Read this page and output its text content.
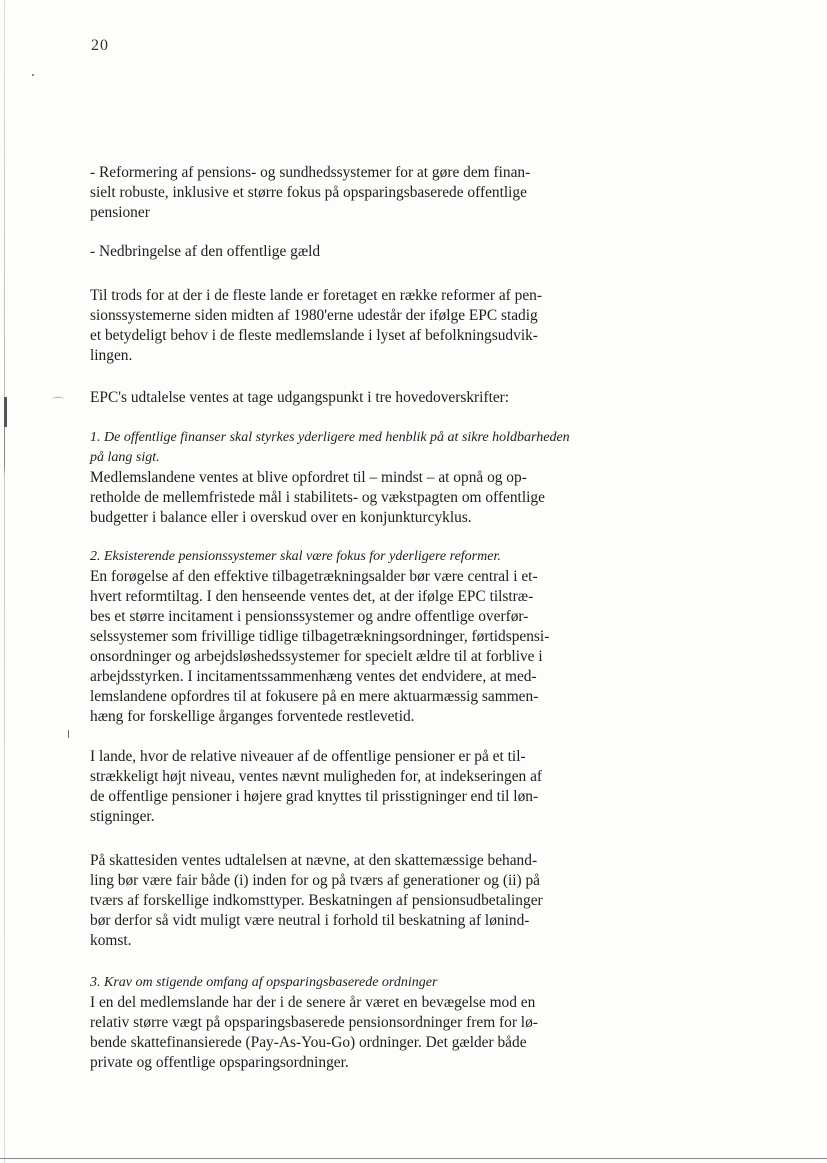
⌒
20
- Reformering af pensions- og sundhedssystemer for at gøre dem finan-
sielt robuste, inklusive et større fokus på opsparingsbaserede offentlige
pensioner
- Nedbringelse af den offentlige gæld
Til trods for at der i de fleste lande er foretaget en række reformer af pen-
sionssystemerne siden midten af 1980'erne udestår der ifølge EPC stadig
et betydeligt behov i de fleste medlemslande i lyset af befolkningsudvik-
lingen.
EPC's udtalelse ventes at tage udgangspunkt i tre hovedoverskrifter:
1. De offentlige finanser skal styrkes yderligere med henblik på at sikre holdbarheden
på lang sigt.
Medlemslandene ventes at blive opfordret til – mindst – at opnå og op-
retholde de mellemfristede mål i stabilitets- og vækstpagten om offentlige
budgetter i balance eller i overskud over en konjunkturcyklus.
2. Eksisterende pensionssystemer skal være fokus for yderligere reformer.
En forøgelse af den effektive tilbagetrækningsalder bør være central i et-
hvert reformtiltag. I den henseende ventes det, at der ifølge EPC tilstræ-
bes et større incitament i pensionssystemer og andre offentlige overfør-
selssystemer som frivillige tidlige tilbagetrækningsordninger, førtidspensi-
onsordninger og arbejdsløshedssystemer for specielt ældre til at forblive i
arbejdsstyrken. I incitamentssammenhæng ventes det endvidere, at med-
lemslandene opfordres til at fokusere på en mere aktuarmæssig sammen-
hæng for forskellige årganges forventede restlevetid.
I lande, hvor de relative niveauer af de offentlige pensioner er på et til-
strækkeligt højt niveau, ventes nævnt muligheden for, at indekseringen af
de offentlige pensioner i højere grad knyttes til prisstigninger end til løn-
stigninger.
På skattesiden ventes udtalelsen at nævne, at den skattemæssige behand-
ling bør være fair både (i) inden for og på tværs af generationer og (ii) på
tværs af forskellige indkomsttyper. Beskatningen af pensionsudbetalinger
bør derfor så vidt muligt være neutral i forhold til beskatning af lønind-
komst.
3. Krav om stigende omfang af opsparingsbaserede ordninger
I en del medlemslande har der i de senere år været en bevægelse mod en
relativ større vægt på opsparingsbaserede pensionsordninger frem for lø-
bende skattefinansierede (Pay-As-You-Go) ordninger. Det gælder både
private og offentlige opsparingsordninger.
